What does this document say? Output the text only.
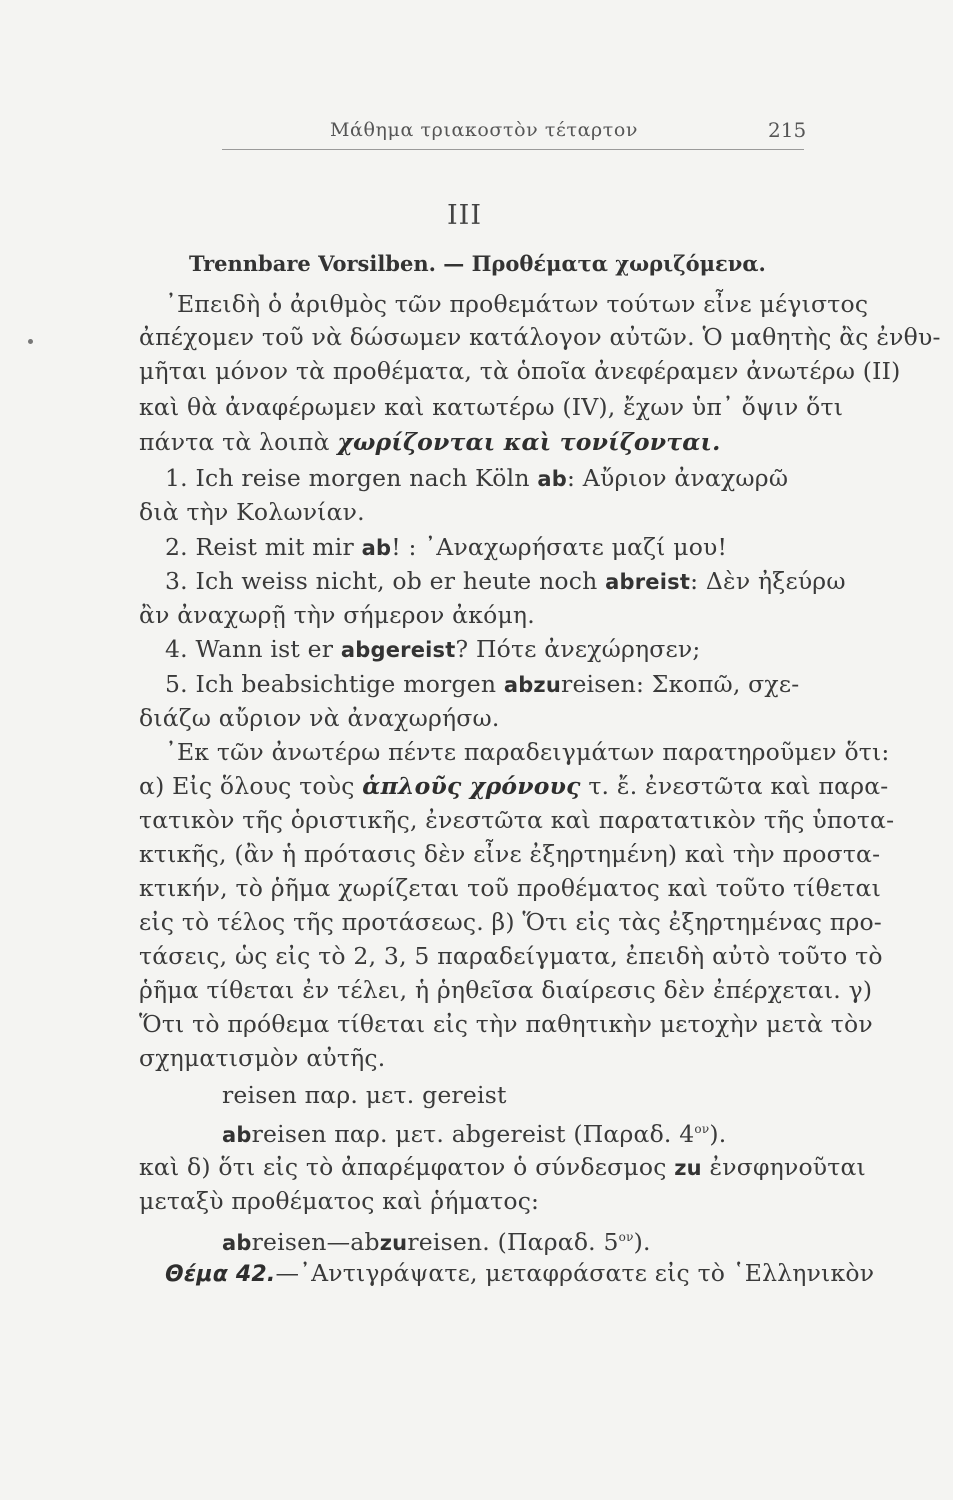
Μάθημα τριακοστὸν τέταρτον	215
III
Trennbare Vorsilben. — Προθέματα χωριζόμενα.
᾿Επειδὴ ὁ ἀριθμὸς τῶν προθεμάτων τούτων εἶνε μέγιστος
ἀπέχομεν τοῦ νὰ δώσωμεν κατάλογον αὐτῶν. Ὁ μαθητὴς ἂς ἐνθυ-
μῆται μόνον τὰ προθέματα, τὰ ὁποῖα ἀνεφέραμεν ἀνωτέρω (ΙΙ)
καὶ θὰ ἀναφέρωμεν καὶ κατωτέρω (IV), ἔχων ὑπ᾿ ὄψιν ὅτι
πάντα τὰ λοιπὰ χωρίζονται καὶ τονίζονται.
1. Ich reise morgen nach Köln ab: Αὔριον ἀναχωρῶ
διὰ τὴν Κολωνίαν.
2. Reist mit mir ab! : ᾿Αναχωρήσατε μαζί μου!
3. Ich weiss nicht, ob er heute noch abreist: Δὲν ἠξεύρω
ἂν ἀναχωρῇ τὴν σήμερον ἀκόμη.
4. Wann ist er abgereist? Πότε ἀνεχώρησεν;
5. Ich beabsichtige morgen abzureisen: Σκοπῶ, σχε-
διάζω αὔριον νὰ ἀναχωρήσω.
᾿Εκ τῶν ἀνωτέρω πέντε παραδειγμάτων παρατηροῦμεν ὅτι:
α) Εἰς ὅλους τοὺς ἁπλοῦς χρόνους τ. ἔ. ἐνεστῶτα καὶ παρα-
τατικὸν τῆς ὁριστικῆς, ἐνεστῶτα καὶ παρατατικὸν τῆς ὑποτα-
κτικῆς, (ἂν ἡ πρότασις δὲν εἶνε ἐξηρτημένη) καὶ τὴν προστα-
κτικήν, τὸ ῥῆμα χωρίζεται τοῦ προθέματος καὶ τοῦτο τίθεται
εἰς τὸ τέλος τῆς προτάσεως. β) Ὅτι εἰς τὰς ἐξηρτημένας προ-
τάσεις, ὡς εἰς τὸ 2, 3, 5 παραδείγματα, ἐπειδὴ αὐτὸ τοῦτο τὸ
ῥῆμα τίθεται ἐν τέλει, ἡ ῥηθεῖσα διαίρεσις δὲν ἐπέρχεται. γ)
Ὅτι τὸ πρόθεμα τίθεται εἰς τὴν παθητικὴν μετοχὴν μετὰ τὸν
σχηματισμὸν αὐτῆς.
reisen παρ. μετ. gereist
abreisen παρ. μετ. abgereist (Παραδ. $4^{o\nu}$).
καὶ δ) ὅτι εἰς τὸ ἀπαρέμφατον ὁ σύνδεσμος zu ἐνσφηνοῦται
μεταξὺ προθέματος καὶ ῥήματος:
abreisen—abzureisen. (Παραδ. $5^{o\nu}$).
Θέμα 42.—᾿Αντιγράψατε, μεταφράσατε εἰς τὸ ῾Ελληνικὸν
